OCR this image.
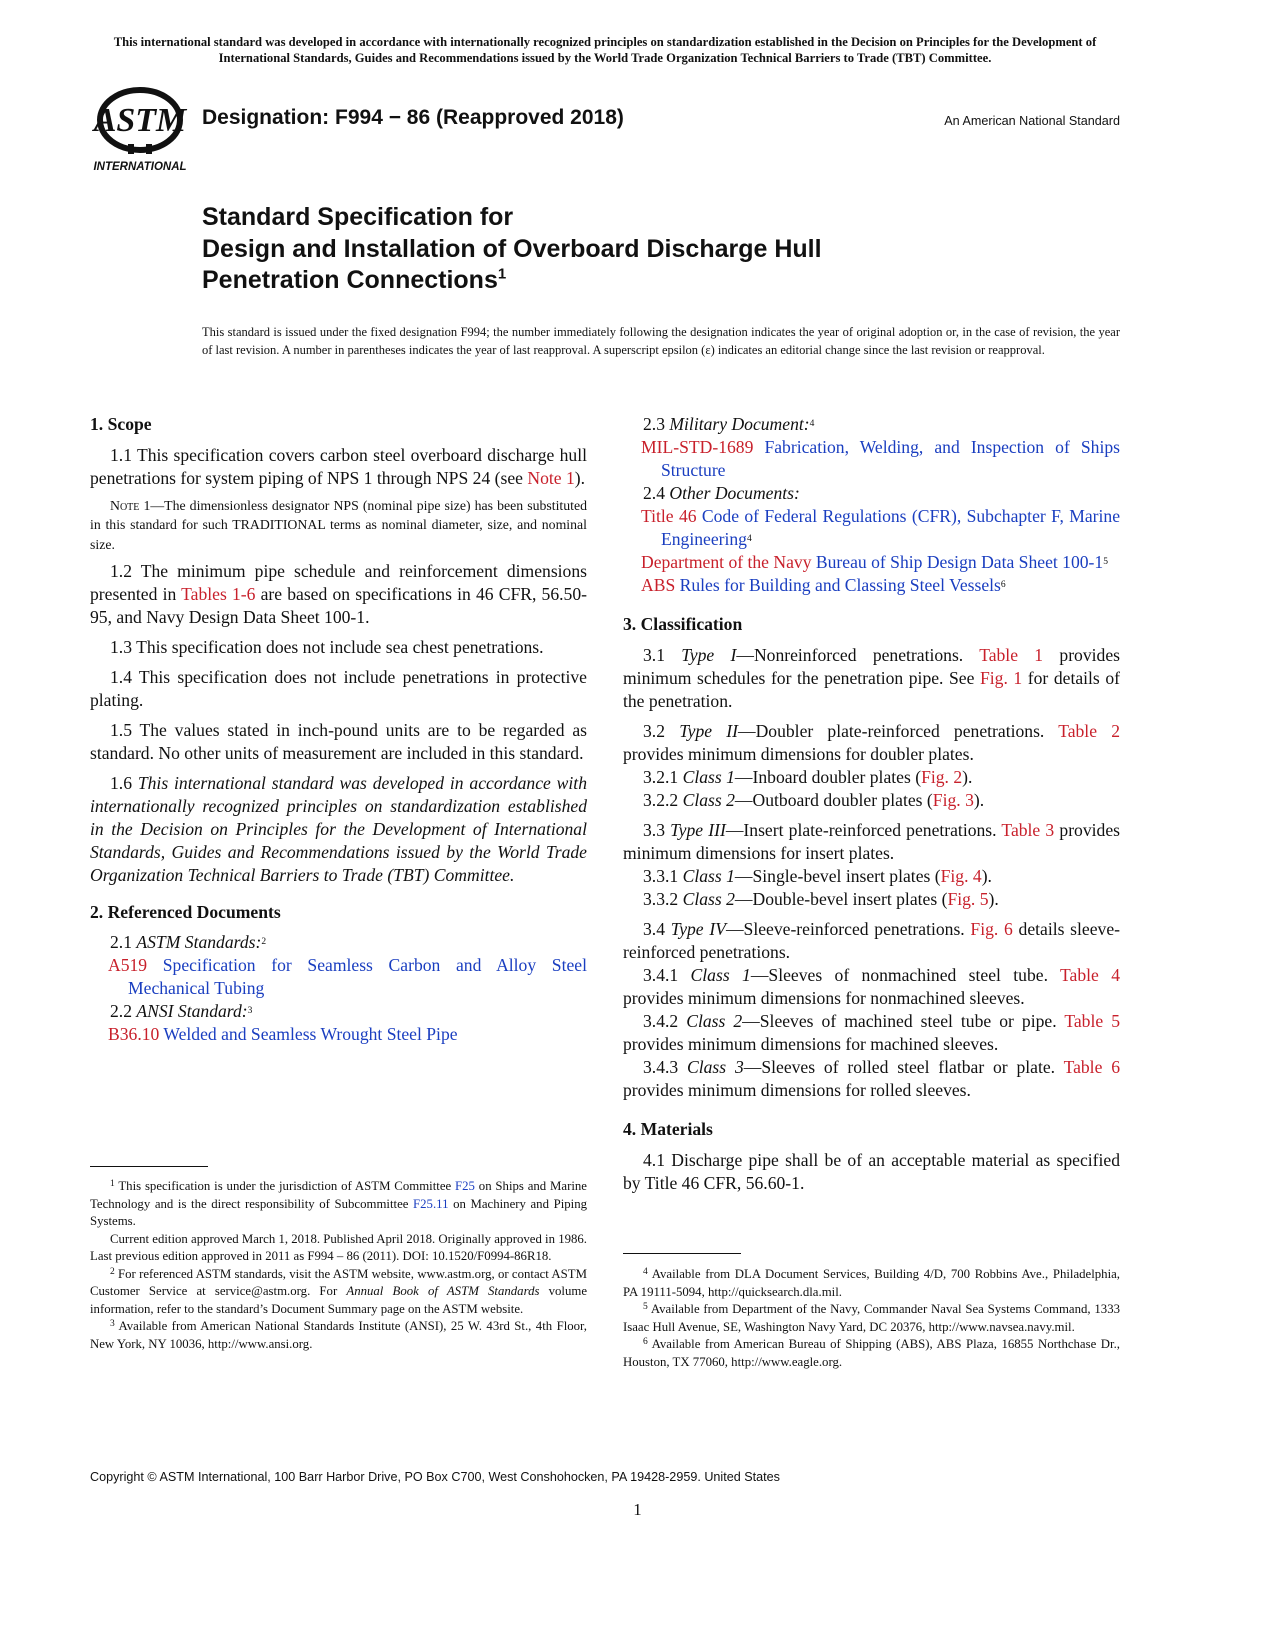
This international standard was developed in accordance with internationally recognized principles on standardization established in the Decision on Principles for the Development of International Standards, Guides and Recommendations issued by the World Trade Organization Technical Barriers to Trade (TBT) Committee.
ASTM
INTERNATIONAL
Designation: F994 − 86 (Reapproved 2018)	An American National Standard
Standard Specification for
Design and Installation of Overboard Discharge Hull
Penetration Connections$^1$
This standard is issued under the fixed designation F994; the number immediately following the designation indicates the year of original adoption or, in the case of revision, the year of last revision. A number in parentheses indicates the year of last reapproval. A superscript epsilon (ε) indicates an editorial change since the last revision or reapproval.

1. Scope

1.1 This specification covers carbon steel overboard discharge hull penetrations for system piping of NPS 1 through NPS 24 (see Note 1).

Note 1—The dimensionless designator NPS (nominal pipe size) has been substituted in this standard for such TRADITIONAL terms as nominal diameter, size, and nominal size.

1.2 The minimum pipe schedule and reinforcement dimensions presented in Tables 1-6 are based on specifications in 46 CFR, 56.50-95, and Navy Design Data Sheet 100-1.

1.3 This specification does not include sea chest penetrations.

1.4 This specification does not include penetrations in protective plating.

1.5 The values stated in inch-pound units are to be regarded as standard. No other units of measurement are included in this standard.

1.6 This international standard was developed in accordance with internationally recognized principles on standardization established in the Decision on Principles for the Development of International Standards, Guides and Recommendations issued by the World Trade Organization Technical Barriers to Trade (TBT) Committee.

2. Referenced Documents

2.1 ASTM Standards:$^2$

A519 Specification for Seamless Carbon and Alloy Steel Mechanical Tubing

2.2 ANSI Standard:$^3$

B36.10 Welded and Seamless Wrought Steel Pipe

$^1$ This specification is under the jurisdiction of ASTM Committee F25 on Ships and Marine Technology and is the direct responsibility of Subcommittee F25.11 on Machinery and Piping Systems.

Current edition approved March 1, 2018. Published April 2018. Originally approved in 1986. Last previous edition approved in 2011 as F994 – 86 (2011). DOI: 10.1520/F0994-86R18.

$^2$ For referenced ASTM standards, visit the ASTM website, www.astm.org, or contact ASTM Customer Service at service@astm.org. For Annual Book of ASTM Standards volume information, refer to the standard’s Document Summary page on the ASTM website.

$^3$ Available from American National Standards Institute (ANSI), 25 W. 43rd St., 4th Floor, New York, NY 10036, http://www.ansi.org.

2.3 Military Document:$^4$

MIL-STD-1689 Fabrication, Welding, and Inspection of Ships Structure

2.4 Other Documents:

Title 46 Code of Federal Regulations (CFR), Subchapter F, Marine Engineering$^4$

Department of the Navy Bureau of Ship Design Data Sheet 100-1$^5$

ABS Rules for Building and Classing Steel Vessels$^6$

3. Classification

3.1 Type I—Nonreinforced penetrations. Table 1 provides minimum schedules for the penetration pipe. See Fig. 1 for details of the penetration.

3.2 Type II—Doubler plate-reinforced penetrations. Table 2 provides minimum dimensions for doubler plates.

3.2.1 Class 1—Inboard doubler plates (Fig. 2).

3.2.2 Class 2—Outboard doubler plates (Fig. 3).

3.3 Type III—Insert plate-reinforced penetrations. Table 3 provides minimum dimensions for insert plates.

3.3.1 Class 1—Single-bevel insert plates (Fig. 4).

3.3.2 Class 2—Double-bevel insert plates (Fig. 5).

3.4 Type IV—Sleeve-reinforced penetrations. Fig. 6 details sleeve-reinforced penetrations.

3.4.1 Class 1—Sleeves of nonmachined steel tube. Table 4 provides minimum dimensions for nonmachined sleeves.

3.4.2 Class 2—Sleeves of machined steel tube or pipe. Table 5 provides minimum dimensions for machined sleeves.

3.4.3 Class 3—Sleeves of rolled steel flatbar or plate. Table 6 provides minimum dimensions for rolled sleeves.

4. Materials

4.1 Discharge pipe shall be of an acceptable material as specified by Title 46 CFR, 56.60-1.

$^4$ Available from DLA Document Services, Building 4/D, 700 Robbins Ave., Philadelphia, PA 19111-5094, http://quicksearch.dla.mil.

$^5$ Available from Department of the Navy, Commander Naval Sea Systems Command, 1333 Isaac Hull Avenue, SE, Washington Navy Yard, DC 20376, http://www.navsea.navy.mil.

$^6$ Available from American Bureau of Shipping (ABS), ABS Plaza, 16855 Northchase Dr., Houston, TX 77060, http://www.eagle.org.

Copyright © ASTM International, 100 Barr Harbor Drive, PO Box C700, West Conshohocken, PA 19428-2959. United States
1
